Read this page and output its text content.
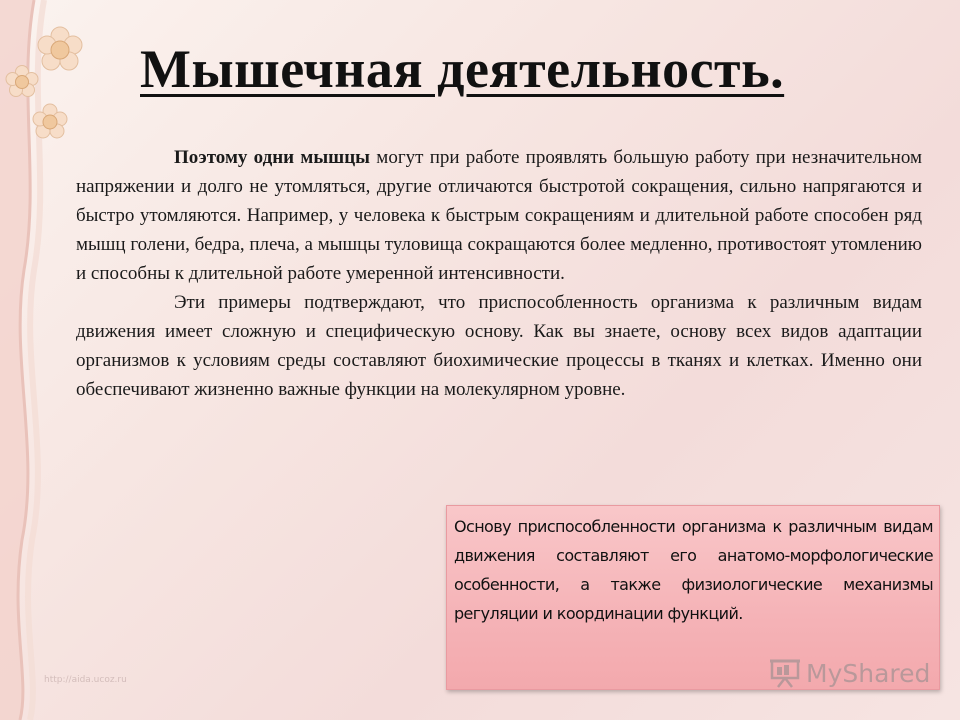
Мышечная деятельность.

Поэтому одни мышцы могут при работе проявлять большую работу при незначительном напряжении и долго не утомляться, другие отличаются быстротой сокращения, сильно напрягаются и быстро утомляются. Например, у человека к быстрым сокращениям и длительной работе способен ряд мышц голени, бедра, плеча, а мышцы туловища сокращаются более медленно, противостоят утомлению и способны к длительной работе умеренной интенсивности.

Эти примеры подтверждают, что приспособленность организма к различным видам движения имеет сложную и специфическую основу. Как вы знаете, основу всех видов адаптации организмов к условиям среды составляют биохимические процессы в тканях и клетках. Именно они обеспечивают жизненно важные функции на молекулярном уровне.

Основу приспособленности организма к различным видам движения составляют его анатомо-морфологические особенности, а также физиологические механизмы регуляции и координации функций.

MyShared
http://aida.ucoz.ru
